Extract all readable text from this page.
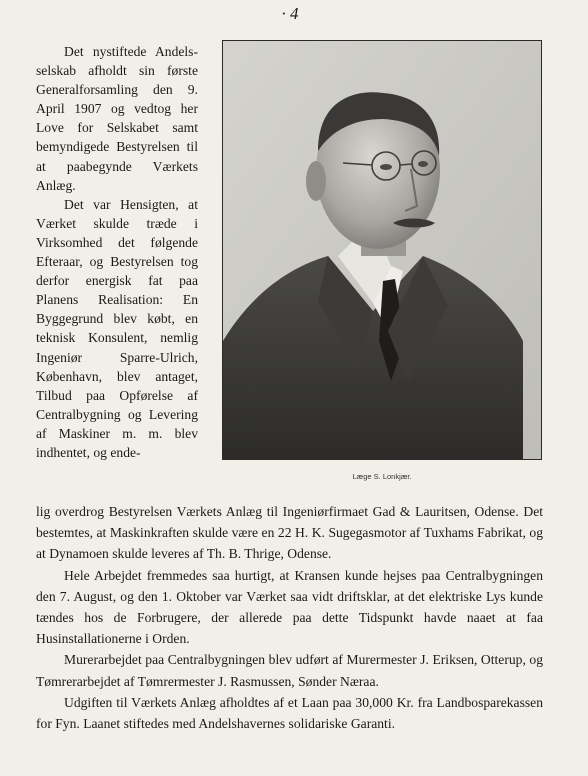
· 4

Det nystiftede Andelsselskab afholdt sin første Generalforsamling den 9. April 1907 og vedtog her Love for Selskabet samt bemyndigede Bestyrelsen til at paabegynde Værkets Anlæg.

Det var Hensigten, at Værket skulde træde i Virksomhed det følgende Efteraar, og Bestyrelsen tog derfor energisk fat paa Planens Realisation: En Byggegrund blev købt, en teknisk Konsulent, nemlig Ingeniør Sparre-Ulrich, København, blev antaget, Tilbud paa Opførelse af Centralbygning og Levering af Maskiner m. m. blev indhentet, og ende-

Læge S. Lonkjær.

lig overdrog Bestyrelsen Værkets Anlæg til Ingeniørfirmaet Gad & Lauritsen, Odense. Det bestemtes, at Maskinkraften skulde være en 22 H. K. Sugegasmotor af Tuxhams Fabrikat, og at Dynamoen skulde leveres af Th. B. Thrige, Odense.

Hele Arbejdet fremmedes saa hurtigt, at Kransen kunde hejses paa Centralbygningen den 7. August, og den 1. Oktober var Værket saa vidt driftsklar, at det elektriske Lys kunde tændes hos de Forbrugere, der allerede paa dette Tidspunkt havde naaet at faa Husinstallationerne i Orden.

Murerarbejdet paa Centralbygningen blev udført af Murermester J. Eriksen, Otterup, og Tømrerarbejdet af Tømrermester J. Rasmussen, Sønder Næraa.

Udgiften til Værkets Anlæg afholdtes af et Laan paa 30,000 Kr. fra Landbosparekassen for Fyn. Laanet stiftedes med Andelshavernes solidariske Garanti.
